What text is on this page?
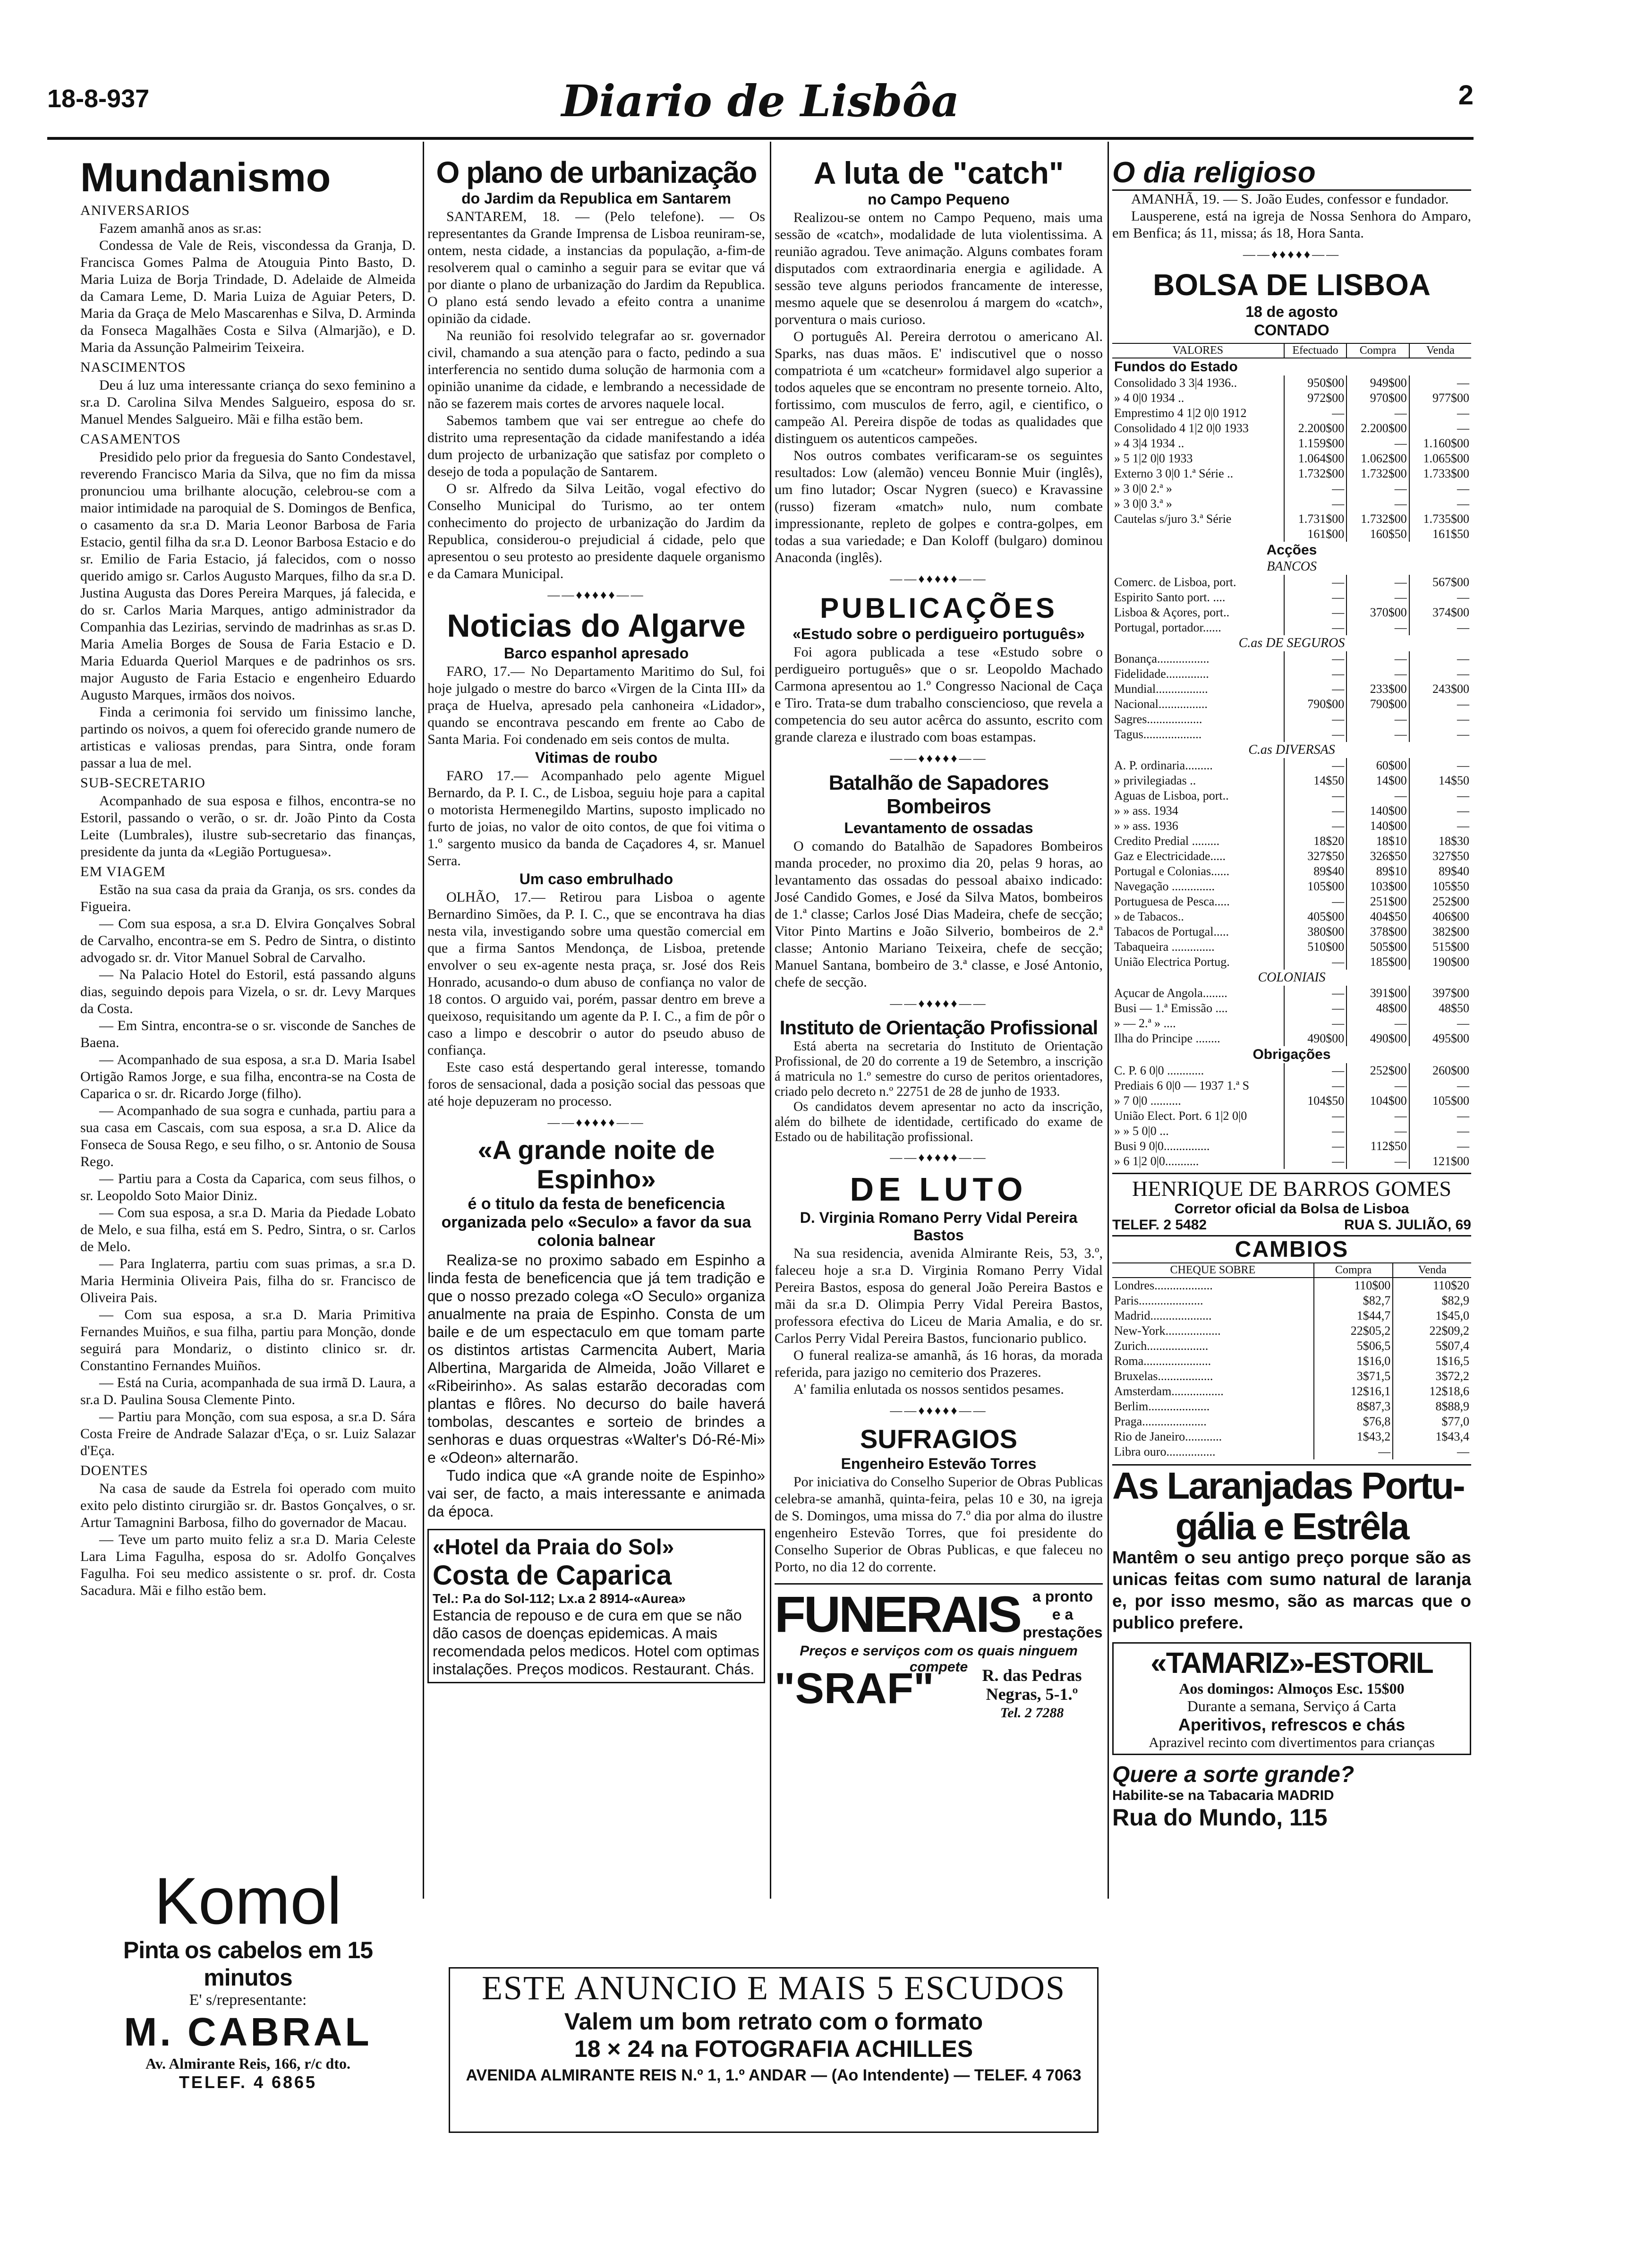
18-8-937	Diario de Lisbôa	2
Mundanismo
ANIVERSARIOS

Fazem amanhã anos as sr.as:

Condessa de Vale de Reis, viscondessa da Granja, D. Francisca Gomes Palma de Atouguia Pinto Basto, D. Maria Luiza de Borja Trindade, D. Adelaide de Almeida da Camara Leme, D. Maria Luiza de Aguiar Peters, D. Maria da Graça de Melo Mascarenhas e Silva, D. Arminda da Fonseca Magalhães Costa e Silva (Almarjão), e D. Maria da Assunção Palmeirim Teixeira.

NASCIMENTOS

Deu á luz uma interessante criança do sexo feminino a sr.a D. Carolina Silva Mendes Salgueiro, esposa do sr. Manuel Mendes Salgueiro. Mãi e filha estão bem.

CASAMENTOS

Presidido pelo prior da freguesia do Santo Condestavel, reverendo Francisco Maria da Silva, que no fim da missa pronunciou uma brilhante alocução, celebrou-se com a maior intimidade na paroquial de S. Domingos de Benfica, o casamento da sr.a D. Maria Leonor Barbosa de Faria Estacio, gentil filha da sr.a D. Leonor Barbosa Estacio e do sr. Emilio de Faria Estacio, já falecidos, com o nosso querido amigo sr. Carlos Augusto Marques, filho da sr.a D. Justina Augusta das Dores Pereira Marques, já falecida, e do sr. Carlos Maria Marques, antigo administrador da Companhia das Lezirias, servindo de madrinhas as sr.as D. Maria Amelia Borges de Sousa de Faria Estacio e D. Maria Eduarda Queriol Marques e de padrinhos os srs. major Augusto de Faria Estacio e engenheiro Eduardo Augusto Marques, irmãos dos noivos.

Finda a cerimonia foi servido um finissimo lanche, partindo os noivos, a quem foi oferecido grande numero de artisticas e valiosas prendas, para Sintra, onde foram passar a lua de mel.

SUB-SECRETARIO

Acompanhado de sua esposa e filhos, encontra-se no Estoril, passando o verão, o sr. dr. João Pinto da Costa Leite (Lumbrales), ilustre sub-secretario das finanças, presidente da junta da «Legião Portuguesa».

EM VIAGEM

Estão na sua casa da praia da Granja, os srs. condes da Figueira.

— Com sua esposa, a sr.a D. Elvira Gonçalves Sobral de Carvalho, encontra-se em S. Pedro de Sintra, o distinto advogado sr. dr. Vitor Manuel Sobral de Carvalho.

— Na Palacio Hotel do Estoril, está passando alguns dias, seguindo depois para Vizela, o sr. dr. Levy Marques da Costa.

— Em Sintra, encontra-se o sr. visconde de Sanches de Baena.

— Acompanhado de sua esposa, a sr.a D. Maria Isabel Ortigão Ramos Jorge, e sua filha, encontra-se na Costa de Caparica o sr. dr. Ricardo Jorge (filho).

— Acompanhado de sua sogra e cunhada, partiu para a sua casa em Cascais, com sua esposa, a sr.a D. Alice da Fonseca de Sousa Rego, e seu filho, o sr. Antonio de Sousa Rego.

— Partiu para a Costa da Caparica, com seus filhos, o sr. Leopoldo Soto Maior Diniz.

— Com sua esposa, a sr.a D. Maria da Piedade Lobato de Melo, e sua filha, está em S. Pedro, Sintra, o sr. Carlos de Melo.

— Para Inglaterra, partiu com suas primas, a sr.a D. Maria Herminia Oliveira Pais, filha do sr. Francisco de Oliveira Pais.

— Com sua esposa, a sr.a D. Maria Primitiva Fernandes Muiños, e sua filha, partiu para Monção, donde seguirá para Mondariz, o distinto clinico sr. dr. Constantino Fernandes Muiños.

— Está na Curia, acompanhada de sua irmã D. Laura, a sr.a D. Paulina Sousa Clemente Pinto.

— Partiu para Monção, com sua esposa, a sr.a D. Sára Costa Freire de Andrade Salazar d'Eça, o sr. Luiz Salazar d'Eça.

DOENTES

Na casa de saude da Estrela foi operado com muito exito pelo distinto cirurgião sr. dr. Bastos Gonçalves, o sr. Artur Tamagnini Barbosa, filho do governador de Macau.

— Teve um parto muito feliz a sr.a D. Maria Celeste Lara Lima Fagulha, esposa do sr. Adolfo Gonçalves Fagulha. Foi seu medico assistente o sr. prof. dr. Costa Sacadura. Mãi e filho estão bem.

Komol
Pinta os cabelos em 15 minutos
E' s/representante:
M. CABRAL
Av. Almirante Reis, 166, r/c dto.
TELEF. 4 6865
O plano de urbanização
do Jardim da Republica em Santarem

SANTAREM, 18. — (Pelo telefone). — Os representantes da Grande Imprensa de Lisboa reuniram-se, ontem, nesta cidade, a instancias da população, a-fim-de resolverem qual o caminho a seguir para se evitar que vá por diante o plano de urbanização do Jardim da Republica. O plano está sendo levado a efeito contra a unanime opinião da cidade.

Na reunião foi resolvido telegrafar ao sr. governador civil, chamando a sua atenção para o facto, pedindo a sua interferencia no sentido duma solução de harmonia com a opinião unanime da cidade, e lembrando a necessidade de não se fazerem mais cortes de arvores naquele local.

Sabemos tambem que vai ser entregue ao chefe do distrito uma representação da cidade manifestando a idéa dum projecto de urbanização que satisfaz por completo o desejo de toda a população de Santarem.

O sr. Alfredo da Silva Leitão, vogal efectivo do Conselho Municipal do Turismo, ao ter ontem conhecimento do projecto de urbanização do Jardim da Republica, considerou-o prejudicial á cidade, pelo que apresentou o seu protesto ao presidente daquele organismo e da Camara Municipal.

——♦♦♦♦♦——
Noticias do Algarve
Barco espanhol apresado

FARO, 17.— No Departamento Maritimo do Sul, foi hoje julgado o mestre do barco «Virgen de la Cinta III» da praça de Huelva, apresado pela canhoneira «Lidador», quando se encontrava pescando em frente ao Cabo de Santa Maria. Foi condenado em seis contos de multa.

Vitimas de roubo

FARO 17.— Acompanhado pelo agente Miguel Bernardo, da P. I. C., de Lisboa, seguiu hoje para a capital o motorista Hermenegildo Martins, suposto implicado no furto de joias, no valor de oito contos, de que foi vitima o 1.º sargento musico da banda de Caçadores 4, sr. Manuel Serra.

Um caso embrulhado

OLHÃO, 17.— Retirou para Lisboa o agente Bernardino Simões, da P. I. C., que se encontrava ha dias nesta vila, investigando sobre uma questão comercial em que a firma Santos Mendonça, de Lisboa, pretende envolver o seu ex-agente nesta praça, sr. José dos Reis Honrado, acusando-o dum abuso de confiança no valor de 18 contos. O arguido vai, porém, passar dentro em breve a queixoso, requisitando um agente da P. I. C., a fim de pôr o caso a limpo e descobrir o autor do pseudo abuso de confiança.

Este caso está despertando geral interesse, tomando foros de sensacional, dada a posição social das pessoas que até hoje depuzeram no processo.

——♦♦♦♦♦——
«A grande noite de Espinho»
é o titulo da festa de beneficencia organizada pelo «Seculo» a favor da sua colonia balnear

Realiza-se no proximo sabado em Espinho a linda festa de beneficencia que já tem tradição e que o nosso prezado colega «O Seculo» organiza anualmente na praia de Espinho. Consta de um baile e de um espectaculo em que tomam parte os distintos artistas Carmencita Aubert, Maria Albertina, Margarida de Almeida, João Villaret e «Ribeirinho». As salas estarão decoradas com plantas e flôres. No decurso do baile haverá tombolas, descantes e sorteio de brindes a senhoras e duas orquestras «Walter's Dó-Ré-Mi» e «Odeon» alternarão.

Tudo indica que «A grande noite de Espinho» vai ser, de facto, a mais interessante e animada da época.

«Hotel da Praia do Sol»
Costa de Caparica
Tel.: P.a do Sol-112; Lx.a 2 8914-«Aurea»
Estancia de repouso e de cura em que se não dão casos de doenças epidemicas. A mais recomendada pelos medicos. Hotel com optimas instalações. Preços modicos. Restaurant. Chás.
A luta de "catch"
no Campo Pequeno

Realizou-se ontem no Campo Pequeno, mais uma sessão de «catch», modalidade de luta violentissima. A reunião agradou. Teve animação. Alguns combates foram disputados com extraordinaria energia e agilidade. A sessão teve alguns periodos francamente de interesse, mesmo aquele que se desenrolou á margem do «catch», porventura o mais curioso.

O português Al. Pereira derrotou o americano Al. Sparks, nas duas mãos. E' indiscutivel que o nosso compatriota é um «catcheur» formidavel algo superior a todos aqueles que se encontram no presente torneio. Alto, fortissimo, com musculos de ferro, agil, e cientifico, o campeão Al. Pereira dispõe de todas as qualidades que distinguem os autenticos campeões.

Nos outros combates verificaram-se os seguintes resultados: Low (alemão) venceu Bonnie Muir (inglês), um fino lutador; Oscar Nygren (sueco) e Kravassine (russo) fizeram «match» nulo, num combate impressionante, repleto de golpes e contra-golpes, em todas a sua variedade; e Dan Koloff (bulgaro) dominou Anaconda (inglês).

——♦♦♦♦♦——
PUBLICAÇÕES
«Estudo sobre o perdigueiro português»

Foi agora publicada a tese «Estudo sobre o perdigueiro português» que o sr. Leopoldo Machado Carmona apresentou ao 1.º Congresso Nacional de Caça e Tiro. Trata-se dum trabalho consciencioso, que revela a competencia do seu autor acêrca do assunto, escrito com grande clareza e ilustrado com boas estampas.

——♦♦♦♦♦——
Batalhão de Sapadores Bombeiros
Levantamento de ossadas

O comando do Batalhão de Sapadores Bombeiros manda proceder, no proximo dia 20, pelas 9 horas, ao levantamento das ossadas do pessoal abaixo indicado: José Candido Gomes, e José da Silva Matos, bombeiros de 1.ª classe; Carlos José Dias Madeira, chefe de secção; Vitor Pinto Martins e João Silverio, bombeiros de 2.ª classe; Antonio Mariano Teixeira, chefe de secção; Manuel Santana, bombeiro de 3.ª classe, e José Antonio, chefe de secção.

——♦♦♦♦♦——
Instituto de Orientação Profissional

Está aberta na secretaria do Instituto de Orientação Profissional, de 20 do corrente a 19 de Setembro, a inscrição á matricula no 1.º semestre do curso de peritos orientadores, criado pelo decreto n.º 22751 de 28 de junho de 1933.

Os candidatos devem apresentar no acto da inscrição, além do bilhete de identidade, certificado do exame de Estado ou de habilitação profissional.

——♦♦♦♦♦——
DE LUTO
D. Virginia Romano Perry Vidal Pereira Bastos

Na sua residencia, avenida Almirante Reis, 53, 3.º, faleceu hoje a sr.a D. Virginia Romano Perry Vidal Pereira Bastos, esposa do general João Pereira Bastos e mãi da sr.a D. Olimpia Perry Vidal Pereira Bastos, professora efectiva do Liceu de Maria Amalia, e do sr. Carlos Perry Vidal Pereira Bastos, funcionario publico.

O funeral realiza-se amanhã, ás 16 horas, da morada referida, para jazigo no cemiterio dos Prazeres.

A' familia enlutada os nossos sentidos pesames.

——♦♦♦♦♦——
SUFRAGIOS
Engenheiro Estevão Torres

Por iniciativa do Conselho Superior de Obras Publicas celebra-se amanhã, quinta-feira, pelas 10 e 30, na igreja de S. Domingos, uma missa do 7.º dia por alma do ilustre engenheiro Estevão Torres, que foi presidente do Conselho Superior de Obras Publicas, e que faleceu no Porto, no dia 12 do corrente.

FUNERAIS a pronto
e a
prestações
Preços e serviços com os quais ninguem compete
"SRAF"	R. das Pedras
Negras, 5-1.º
Tel. 2 7288
O dia religioso

AMANHÃ, 19. — S. João Eudes, confessor e fundador.

Lausperene, está na igreja de Nossa Senhora do Amparo, em Benfica; ás 11, missa; ás 18, Hora Santa.

——♦♦♦♦♦——
BOLSA DE LISBOA
18 de agosto
CONTADO
VALORES	Efectuado	Compra	Venda
Fundos do Estado			
Consolidado 3 3|4 1936..	950$00	949$00	—
» 4 0|0 1934 ..	972$00	970$00	977$00
Emprestimo 4 1|2 0|0 1912	—	—	—
Consolidado 4 1|2 0|0 1933	2.200$00	2.200$00	—
» 4 3|4 1934 ..	1.159$00	—	1.160$00
» 5 1|2 0|0 1933	1.064$00	1.062$00	1.065$00
Externo 3 0|0 1.ª Série ..	1.732$00	1.732$00	1.733$00
» 3 0|0 2.ª »	—	—	—
» 3 0|0 3.ª »	—	—	—
Cautelas s/juro 3.ª Série	1.731$00	1.732$00	1.735$00
	161$00	160$50	161$50
Acções			
BANCOS			
Comerc. de Lisboa, port.	—	—	567$00
Espirito Santo port. ....	—	—	—
Lisboa & Açores, port..	—	370$00	374$00
Portugal, portador......	—	—	—
C.as DE SEGUROS			
Bonança.................	—	—	—
Fidelidade..............	—	—	—
Mundial.................	—	233$00	243$00
Nacional................	790$00	790$00	—
Sagres..................	—	—	—
Tagus...................	—	—	—
C.as DIVERSAS			
A. P. ordinaria.........	—	60$00	—
» privilegiadas ..	14$50	14$00	14$50
Aguas de Lisboa, port..	—	—	—
» » ass. 1934	—	140$00	—
» » ass. 1936	—	140$00	—
Credito Predial .........	18$20	18$10	18$30
Gaz e Electricidade.....	327$50	326$50	327$50
Portugal e Colonias......	89$40	89$10	89$40
Navegação ..............	105$00	103$00	105$50
Portuguesa de Pesca.....	—	251$00	252$00
» de Tabacos..	405$00	404$50	406$00
Tabacos de Portugal.....	380$00	378$00	382$00
Tabaqueira ..............	510$00	505$00	515$00
União Electrica Portug.	—	185$00	190$00
COLONIAIS			
Açucar de Angola........	—	391$00	397$00
Busi — 1.ª Emissão ....	—	48$00	48$50
» — 2.ª » ....	—	—	—
Ilha do Principe ........	490$00	490$00	495$00
Obrigações			
C. P. 6 0|0 ............	—	252$00	260$00
Prediais 6 0|0 — 1937 1.ª S	—	—	—
» 7 0|0 ..........	104$50	104$00	105$00
União Elect. Port. 6 1|2 0|0	—	—	—
» » 5 0|0 ...	—	—	—
Busi 9 0|0...............	—	112$50	—
» 6 1|2 0|0...........	—	—	121$00
HENRIQUE DE BARROS GOMES
Corretor oficial da Bolsa de Lisboa
TELEF. 2 5482	RUA S. JULIÃO, 69
CAMBIOS
CHEQUE SOBRE	Compra	Venda
Londres...................	110$00	110$20
Paris.....................	$82,7	$82,9
Madrid....................	1$44,7	1$45,0
New-York..................	22$05,2	22$09,2
Zurich....................	5$06,5	5$07,4
Roma......................	1$16,0	1$16,5
Bruxelas..................	3$71,5	3$72,2
Amsterdam.................	12$16,1	12$18,6
Berlim....................	8$87,3	8$88,9
Praga.....................	$76,8	$77,0
Rio de Janeiro............	1$43,2	1$43,4
Libra ouro................	—	—
As Laranjadas Portu-
gália e Estrêla
Mantêm o seu antigo preço porque são as unicas feitas com sumo natural de laranja e, por isso mesmo, são as marcas que o publico prefere.
«TAMARIZ»-ESTORIL
Aos domingos: Almoços Esc. 15$00
Durante a semana, Serviço á Carta
Aperitivos, refrescos e chás
Aprazivel recinto com divertimentos para crianças
Quere a sorte grande?
Habilite-se na Tabacaria MADRID
Rua do Mundo, 115
ESTE ANUNCIO E MAIS 5 ESCUDOS
Valem um bom retrato com o formato
18 × 24 na FOTOGRAFIA ACHILLES
AVENIDA ALMIRANTE REIS N.º 1, 1.º ANDAR — (Ao Intendente) — TELEF. 4 7063
